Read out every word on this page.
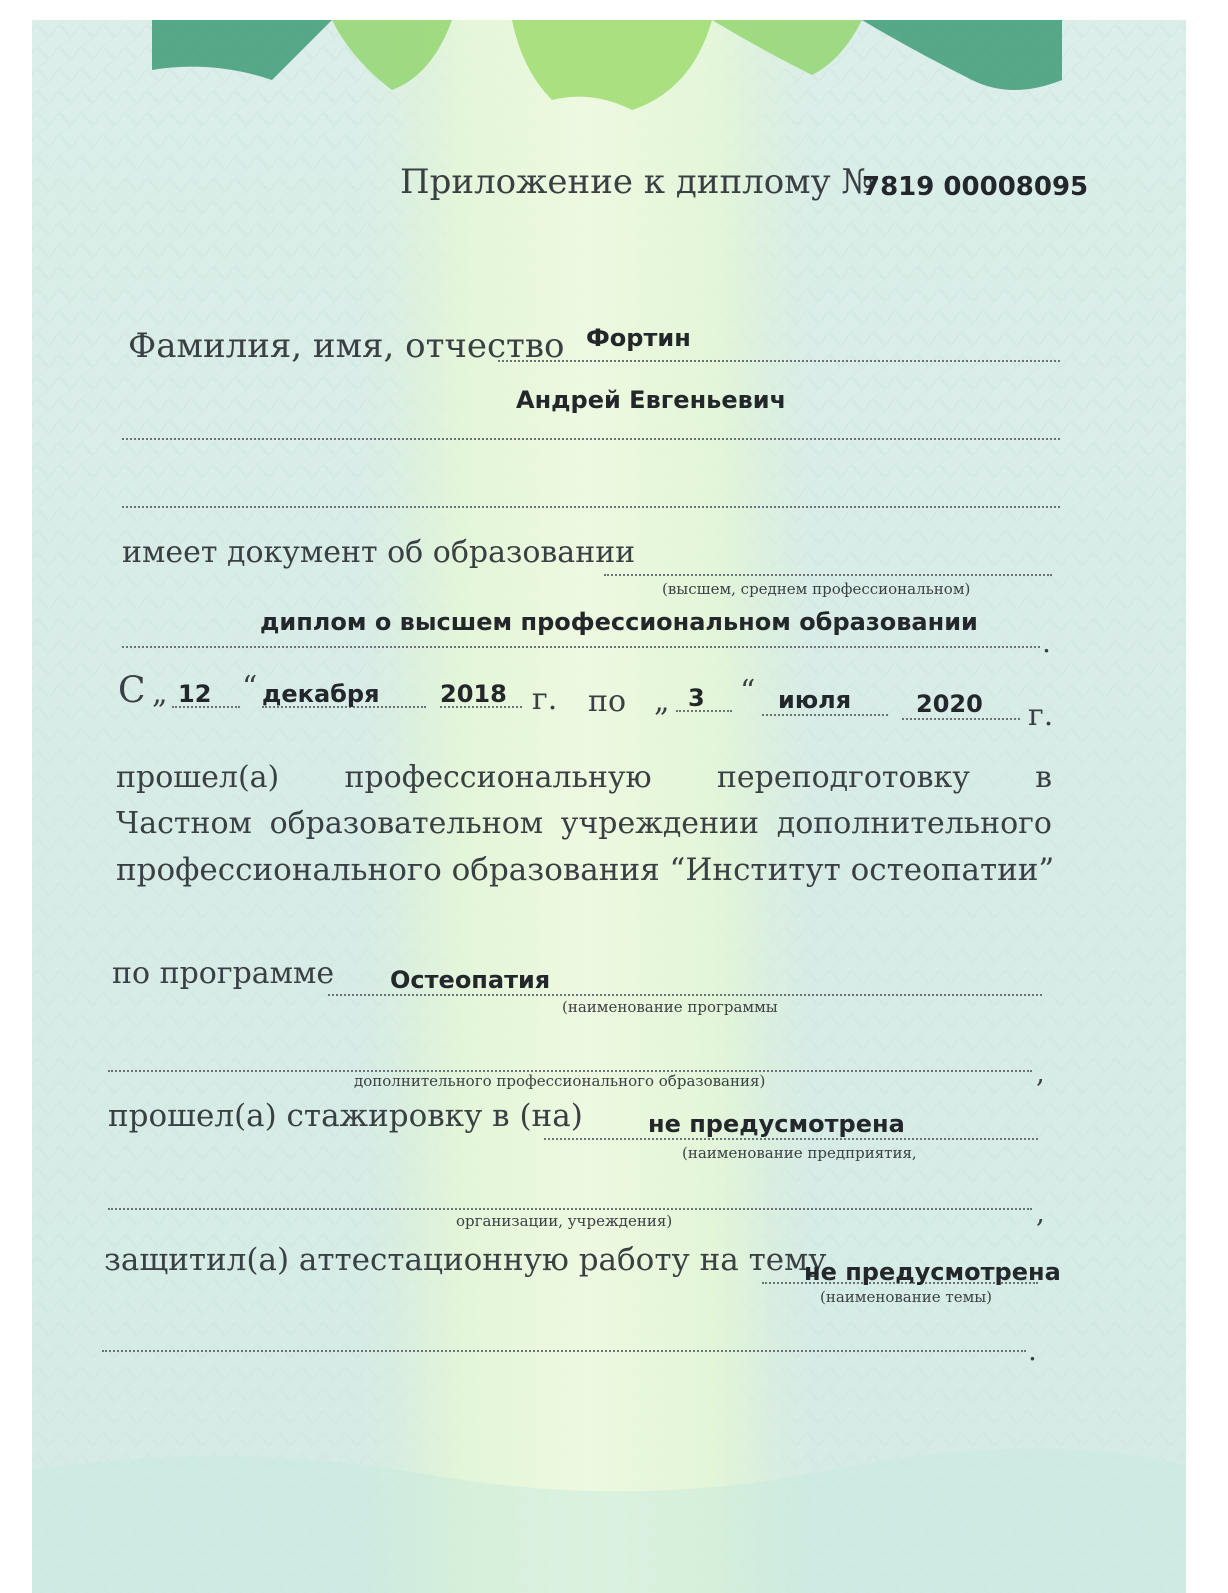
Приложение к диплому №
7819 00008095
Фамилия, имя, отчество Фортин
Андрей Евгеньевич
имеет документ об образовании
(высшем, среднем профессиональном)
диплом о высшем профессиональном образовании
.
С „ 12 “ декабря	2018 г. по „ 3 “ июля	2020 г.
прошел(а) профессиональную переподготовку в
Частном образовательном учреждении дополнительного
профессионального образования “Институт остеопатии”
по программе Остеопатия
(наименование программы
дополнительного профессионального образования)	,
прошел(а) стажировку в (на)	не предусмотрена
(наименование предприятия,
организации, учреждения)	,
защитил(а) аттестационную работу на тему
не предусмотрена
(наименование темы)
.
